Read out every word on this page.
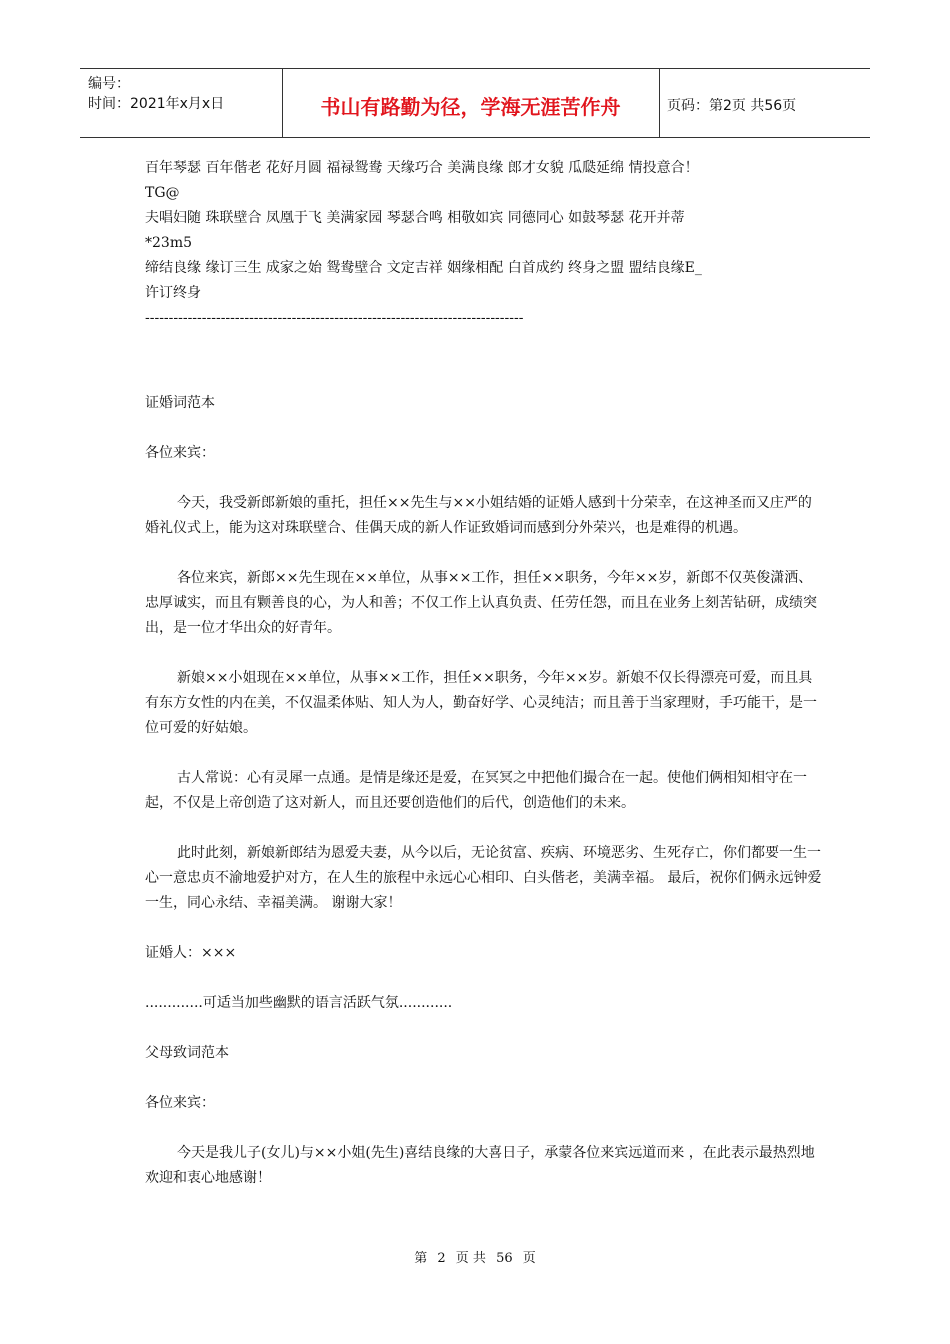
编号：
时间：2021年x月x日	书山有路勤为径，学海无涯苦作舟	页码：第2页 共56页

百年琴瑟 百年偕老 花好月圆 福禄鸳鸯 天缘巧合 美满良缘 郎才女貌 瓜瓞延绵 情投意合！

TG@

夫唱妇随 珠联壁合 凤凰于飞 美满家园 琴瑟合鸣 相敬如宾 同德同心 如鼓琴瑟 花开并蒂

*23m5

缔结良缘 缘订三生 成家之始 鸳鸯壁合 文定吉祥 姻缘相配 白首成约 终身之盟 盟结良缘E_

许订终身

--------------------------------------------------------------------------------

证婚词范本

各位来宾：

今天，我受新郎新娘的重托，担任××先生与××小姐结婚的证婚人感到十分荣幸，在这神圣而又庄严的婚礼仪式上，能为这对珠联壁合、佳偶天成的新人作证致婚词而感到分外荣兴，也是难得的机遇。

各位来宾，新郎××先生现在××单位，从事××工作，担任××职务，今年××岁，新郎不仅英俊潇洒、忠厚诚实，而且有颗善良的心，为人和善；不仅工作上认真负责、任劳任怨，而且在业务上刻苦钻研，成绩突出，是一位才华出众的好青年。

新娘××小姐现在××单位，从事××工作，担任××职务，今年××岁。新娘不仅长得漂亮可爱，而且具有东方女性的内在美，不仅温柔体贴、知人为人，勤奋好学、心灵纯洁；而且善于当家理财，手巧能干，是一位可爱的好姑娘。

古人常说：心有灵犀一点通。是情是缘还是爱，在冥冥之中把他们撮合在一起。使他们俩相知相守在一起，不仅是上帝创造了这对新人，而且还要创造他们的后代，创造他们的未来。

此时此刻，新娘新郎结为恩爱夫妻，从今以后，无论贫富、疾病、环境恶劣、生死存亡，你们都要一生一心一意忠贞不渝地爱护对方，在人生的旅程中永远心心相印、白头偕老，美满幸福。 最后，祝你们俩永远钟爱一生，同心永结、幸福美满。 谢谢大家！

证婚人：×××

.............可适当加些幽默的语言活跃气氛............

父母致词范本

各位来宾：

今天是我儿子(女儿)与××小姐(先生)喜结良缘的大喜日子，承蒙各位来宾远道而来 ，在此表示最热烈地欢迎和衷心地感谢！

第 2 页 共 56 页
